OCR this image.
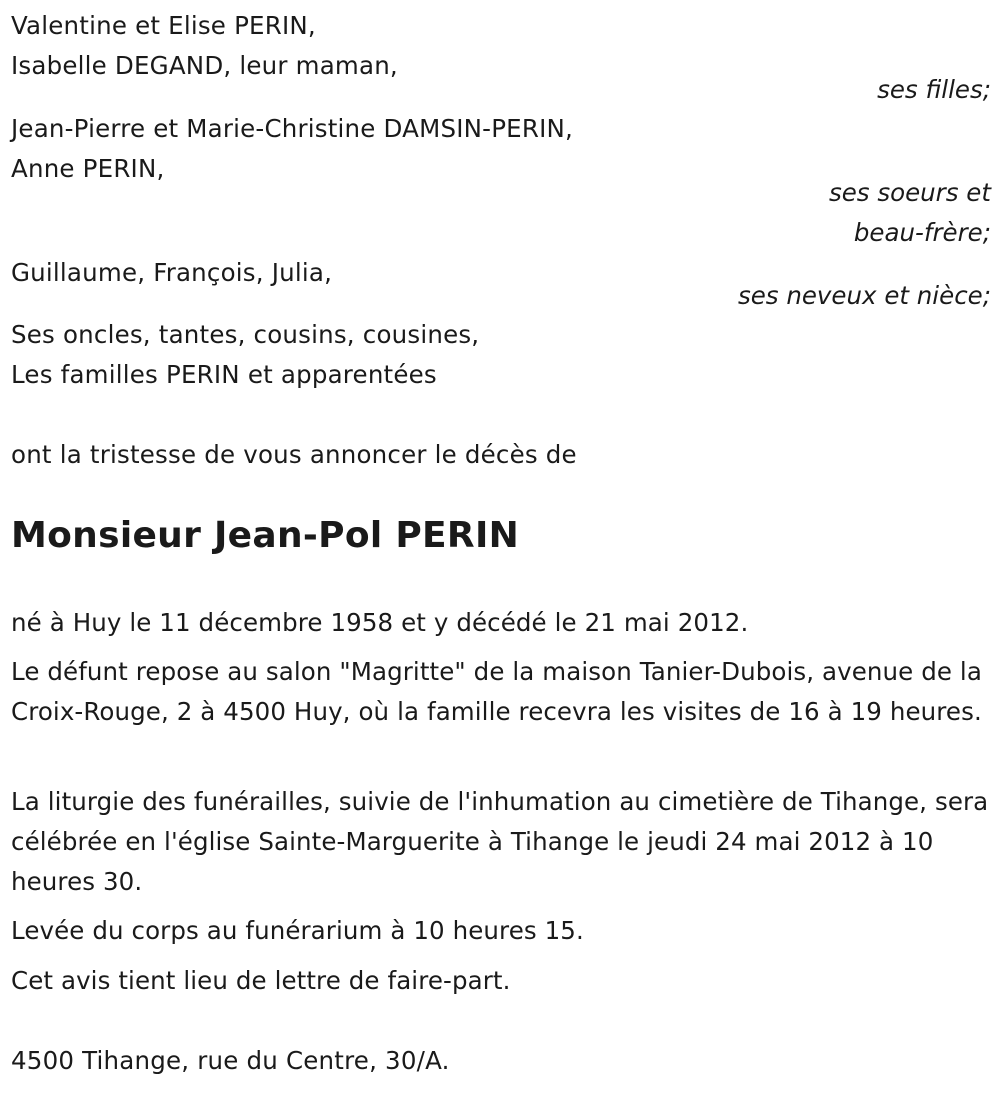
Valentine et Elise PERIN,
Isabelle DEGAND, leur maman,
ses filles;
Jean-Pierre et Marie-Christine DAMSIN-PERIN,
Anne PERIN,
ses soeurs et
beau-frère;
Guillaume, François, Julia,
ses neveux et nièce;
Ses oncles, tantes, cousins, cousines,
Les familles PERIN et apparentées
ont la tristesse de vous annoncer le décès de
Monsieur Jean-Pol PERIN
né à Huy le 11 décembre 1958 et y décédé le 21 mai 2012.
Le défunt repose au salon "Magritte" de la maison Tanier-Dubois, avenue de la Croix-Rouge, 2 à 4500 Huy, où la famille recevra les visites de 16 à 19 heures.
La liturgie des funérailles, suivie de l'inhumation au cimetière de Tihange, sera célébrée en l'église Sainte-Marguerite à Tihange le jeudi 24 mai 2012 à 10 heures 30.
Levée du corps au funérarium à 10 heures 15.
Cet avis tient lieu de lettre de faire-part.
4500 Tihange, rue du Centre, 30/A.
